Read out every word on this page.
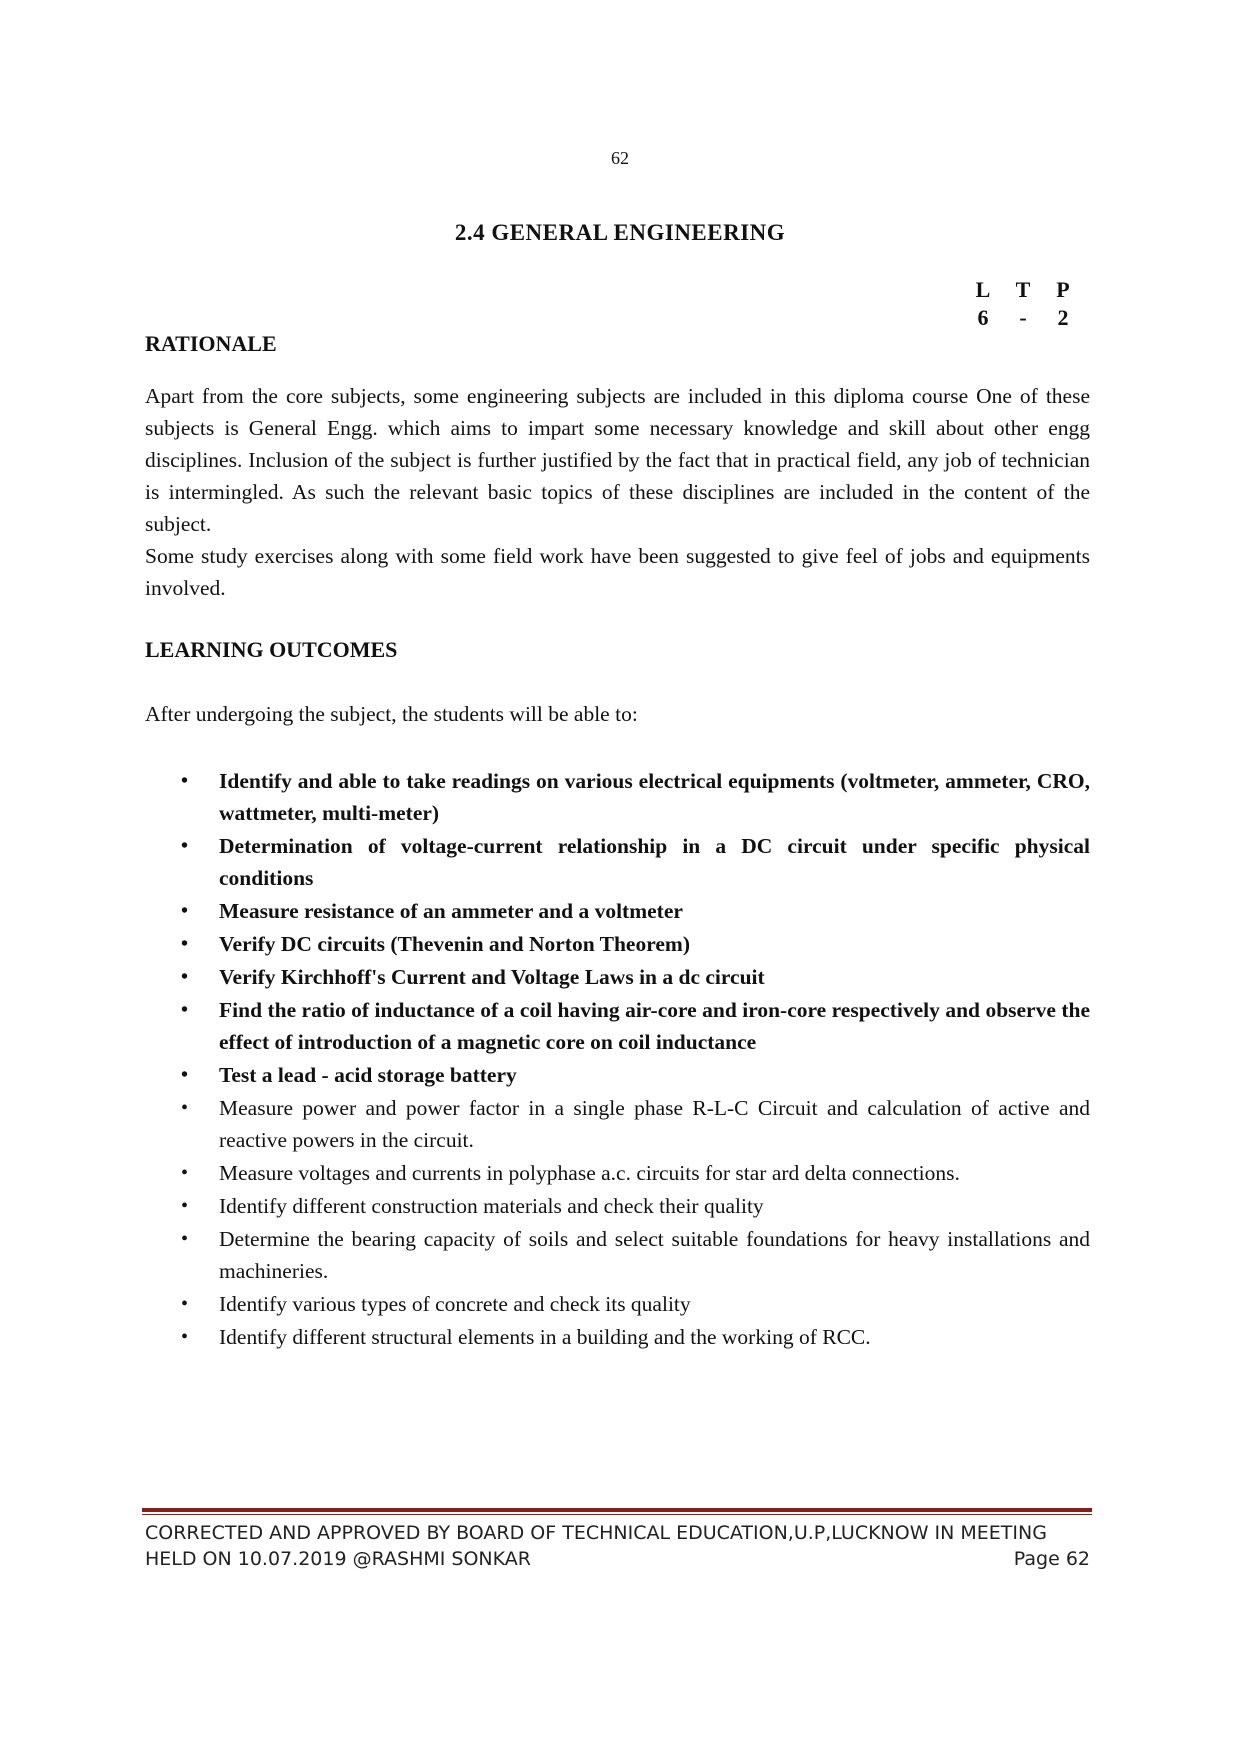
62
2.4 GENERAL ENGINEERING
L	T	P
6	-	2
RATIONALE

Apart from the core subjects, some engineering subjects are included in this diploma course One of these subjects is General Engg. which aims to impart some necessary knowledge and skill about other engg disciplines. Inclusion of the subject is further justified by the fact that in practical field, any job of technician is intermingled. As such the relevant basic topics of these disciplines are included in the content of the subject.

Some study exercises along with some field work have been suggested to give feel of jobs and equipments involved.

LEARNING OUTCOMES
After undergoing the subject, the students will be able to:
• Identify and able to take readings on various electrical equipments (voltmeter, ammeter, CRO, wattmeter, multi-meter)
• Determination of voltage-current relationship in a DC circuit under specific physical conditions
• Measure resistance of an ammeter and a voltmeter
• Verify DC circuits (Thevenin and Norton Theorem)
• Verify Kirchhoff's Current and Voltage Laws in a dc circuit
• Find the ratio of inductance of a coil having air-core and iron-core respectively and observe the effect of introduction of a magnetic core on coil inductance
• Test a lead - acid storage battery
• Measure power and power factor in a single phase R-L-C Circuit and calculation of active and reactive powers in the circuit.
• Measure voltages and currents in polyphase a.c. circuits for star ard delta connections.
• Identify different construction materials and check their quality
• Determine the bearing capacity of soils and select suitable foundations for heavy installations and machineries.
• Identify various types of concrete and check its quality
• Identify different structural elements in a building and the working of RCC.
CORRECTED AND APPROVED BY BOARD OF TECHNICAL EDUCATION,U.P,LUCKNOW IN MEETING
HELD ON 10.07.2019 @RASHMI SONKAR	Page 62
